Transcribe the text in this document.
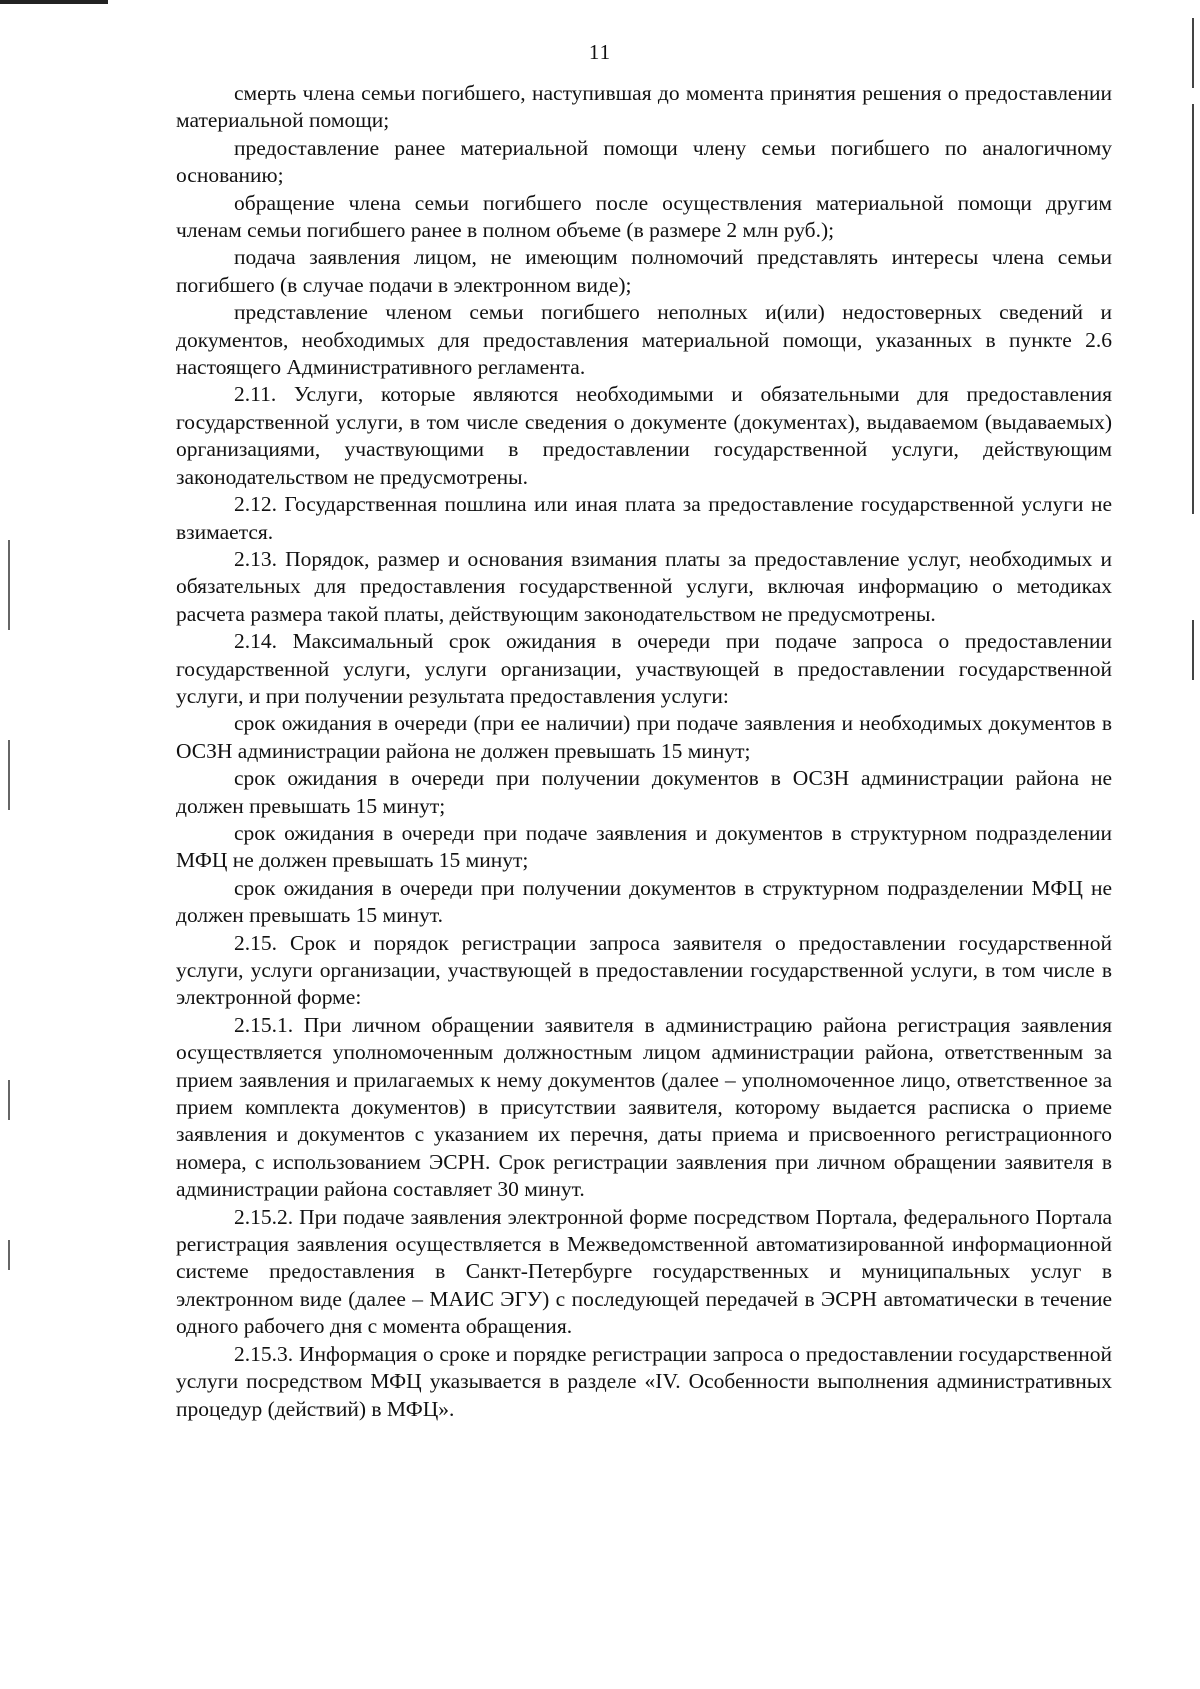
11

смерть члена семьи погибшего, наступившая до момента принятия решения о предоставлении материальной помощи;

предоставление ранее материальной помощи члену семьи погибшего по аналогичному основанию;

обращение члена семьи погибшего после осуществления материальной помощи другим членам семьи погибшего ранее в полном объеме (в размере 2 млн руб.);

подача заявления лицом, не имеющим полномочий представлять интересы члена семьи погибшего (в случае подачи в электронном виде);

представление членом семьи погибшего неполных и(или) недостоверных сведений и документов, необходимых для предоставления материальной помощи, указанных в пункте 2.6 настоящего Административного регламента.

2.11. Услуги, которые являются необходимыми и обязательными для предоставления государственной услуги, в том числе сведения о документе (документах), выдаваемом (выдаваемых) организациями, участвующими в предоставлении государственной услуги, действующим законодательством не предусмотрены.

2.12. Государственная пошлина или иная плата за предоставление государственной услуги не взимается.

2.13. Порядок, размер и основания взимания платы за предоставление услуг, необходимых и обязательных для предоставления государственной услуги, включая информацию о методиках расчета размера такой платы, действующим законодательством не предусмотрены.

2.14. Максимальный срок ожидания в очереди при подаче запроса о предоставлении государственной услуги, услуги организации, участвующей в предоставлении государственной услуги, и при получении результата предоставления услуги:

срок ожидания в очереди (при ее наличии) при подаче заявления и необходимых документов в ОСЗН администрации района не должен превышать 15 минут;

срок ожидания в очереди при получении документов в ОСЗН администрации района не должен превышать 15 минут;

срок ожидания в очереди при подаче заявления и документов в структурном подразделении МФЦ не должен превышать 15 минут;

срок ожидания в очереди при получении документов в структурном подразделении МФЦ не должен превышать 15 минут.

2.15. Срок и порядок регистрации запроса заявителя о предоставлении государственной услуги, услуги организации, участвующей в предоставлении государственной услуги, в том числе в электронной форме:

2.15.1. При личном обращении заявителя в администрацию района регистрация заявления осуществляется уполномоченным должностным лицом администрации района, ответственным за прием заявления и прилагаемых к нему документов (далее – уполномоченное лицо, ответственное за прием комплекта документов) в присутствии заявителя, которому выдается расписка о приеме заявления и документов с указанием их перечня, даты приема и присвоенного регистрационного номера, с использованием ЭСРН. Срок регистрации заявления при личном обращении заявителя в администрации района составляет 30 минут.

2.15.2. При подаче заявления электронной форме посредством Портала, федерального Портала регистрация заявления осуществляется в Межведомственной автоматизированной информационной системе предоставления в Санкт-Петербурге государственных и муниципальных услуг в электронном виде (далее – МАИС ЭГУ) с последующей передачей в ЭСРН автоматически в течение одного рабочего дня с момента обращения.

2.15.3. Информация о сроке и порядке регистрации запроса о предоставлении государственной услуги посредством МФЦ указывается в разделе «IV. Особенности выполнения административных процедур (действий) в МФЦ».
